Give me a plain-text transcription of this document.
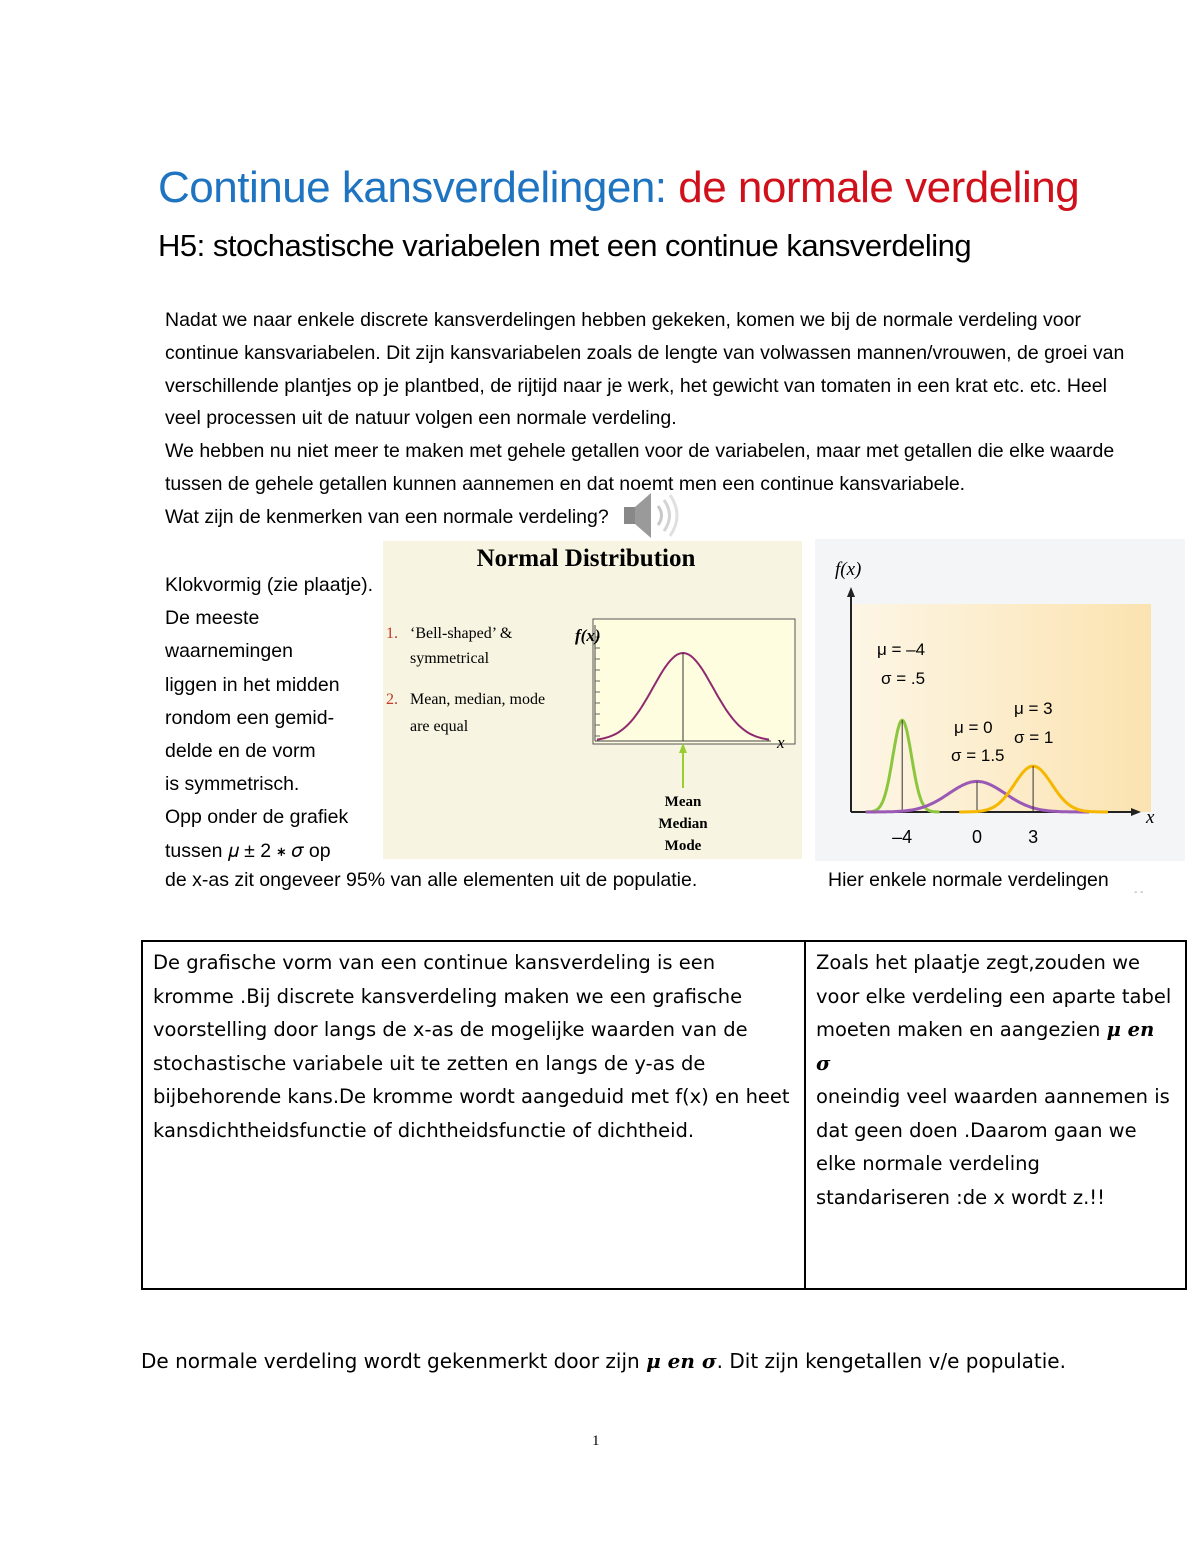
Continue kansverdelingen: de normale verdeling
H5: stochastische variabelen met een continue kansverdeling

Nadat we naar enkele discrete kansverdelingen hebben gekeken, komen we bij de normale verdeling voor continue kansvariabelen. Dit zijn kansvariabelen zoals de lengte van volwassen mannen/vrouwen, de groei van verschillende plantjes op je plantbed, de rijtijd naar je werk, het gewicht van tomaten in een krat etc. etc. Heel veel processen uit de natuur volgen een normale verdeling.

We hebben nu niet meer te maken met gehele getallen voor de variabelen, maar met getallen die elke waarde tussen de gehele getallen kunnen aannemen en dat noemt men een continue kansvariabele.

Wat zijn de kenmerken van een normale verdeling?

Klokvormig (zie plaatje).

De meeste

waarnemingen

liggen in het midden

rondom een gemid-

delde en de vorm

is symmetrisch.

Opp onder de grafiek

tussen 𝜇 ± 2 ∗ 𝜎 op

de x-as zit ongeveer 95% van alle elementen uit de populatie.
Normal Distribution
1. ‘Bell-shaped’ &
symmetrical
2. Mean, median, mode
are equal
f(x)
x
Mean
Median
Mode
f(x)
x
–4	0	3
μ = –4
σ = .5
μ = 0
σ = 1.5
μ = 3
σ = 1
Hier enkele normale verdelingen
‑ ‑
De grafische vorm van een continue kansverdeling is een kromme .Bij discrete kansverdeling maken we een grafische voorstelling door langs de x-as de mogelijke waarden van de stochastische variabele uit te zetten en langs de y-as de bijbehorende kans.De kromme wordt aangeduid met f(x) en heet kansdichtheidsfunctie of dichtheidsfunctie of dichtheid.	Zoals het plaatje zegt,zouden we voor elke verdeling een aparte tabel moeten maken en aangezien 𝝁 𝒆𝒏 𝝈
oneindig veel waarden aannemen is dat geen doen .Daarom gaan we elke normale verdeling standariseren :de x wordt z.!!
De normale verdeling wordt gekenmerkt door zijn 𝝁 𝒆𝒏 𝝈. Dit zijn kengetallen v/e populatie.
1
